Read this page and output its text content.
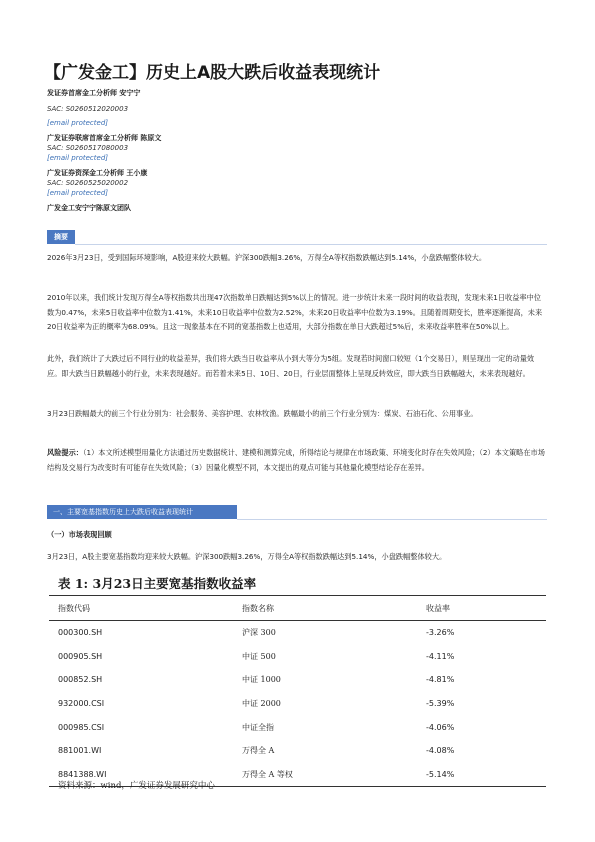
【广发金工】历史上A股大跌后收益表现统计
发证券首席金工分析师 安宁宁
SAC: S0260512020003
[email protected]
广发证券联席首席金工分析师 陈原文
SAC: S0260517080003
[email protected]
广发证券资深金工分析师 王小康
SAC: S0260525020002
[email protected]
广发金工安宁宁陈原文团队
摘要
2026年3月23日，受到国际环境影响，A股迎来较大跌幅。沪深300跌幅3.26%，万得全A等权指数跌幅达到5.14%，小盘跌幅整体较大。
2010年以来，我们统计发现万得全A等权指数共出现47次指数单日跌幅达到5%以上的情况。进一步统计未来一段时间的收益表现，发现未来1日收益率中位数为0.47%，未来5日收益率中位数为1.41%，未来10日收益率中位数为2.52%，未来20日收益率中位数为3.19%。且随着周期变长，胜率逐渐提高，未来20日收益率为正的概率为68.09%。且这一现象基本在不同的宽基指数上也适用，大部分指数在单日大跌超过5%后，未来收益率胜率在50%以上。
此外，我们统计了大跌过后不同行业的收益差异，我们将大跌当日收益率从小到大等分为5组。发现若时间窗口较短（1个交易日），则呈现出一定的动量效应。即大跌当日跌幅越小的行业，未来表现越好。而若着未来5日、10日、20日，行业层面整体上呈现反转效应，即大跌当日跌幅越大，未来表现越好。
3月23日跌幅最大的前三个行业分别为：社会服务、美容护理、农林牧渔。跌幅最小的前三个行业分别为：煤炭、石油石化、公用事业。
风险提示：（1）本文所述模型用量化方法通过历史数据统计、建模和测算完成，所得结论与规律在市场政策、环境变化时存在失效风险；（2）本文策略在市场结构及交易行为改变时有可能存在失效风险；（3）因量化模型不同，本文提出的观点可能与其他量化模型结论存在差异。
一、主要宽基指数历史上大跌后收益表现统计
（一）市场表现回顾
3月23日，A股主要宽基指数均迎来较大跌幅。沪深300跌幅3.26%，万得全A等权指数跌幅达到5.14%，小盘跌幅整体较大。
表 1: 3月23日主要宽基指数收益率
指数代码	指数名称	收益率
000300.SH	沪深 300	-3.26%
000905.SH	中证 500	-4.11%
000852.SH	中证 1000	-4.81%
932000.CSI	中证 2000	-5.39%
000985.CSI	中证全指	-4.06%
881001.WI	万得全 A	-4.08%
8841388.WI	万得全 A 等权	-5.14%
资料来源：wind，广发证券发展研究中心
